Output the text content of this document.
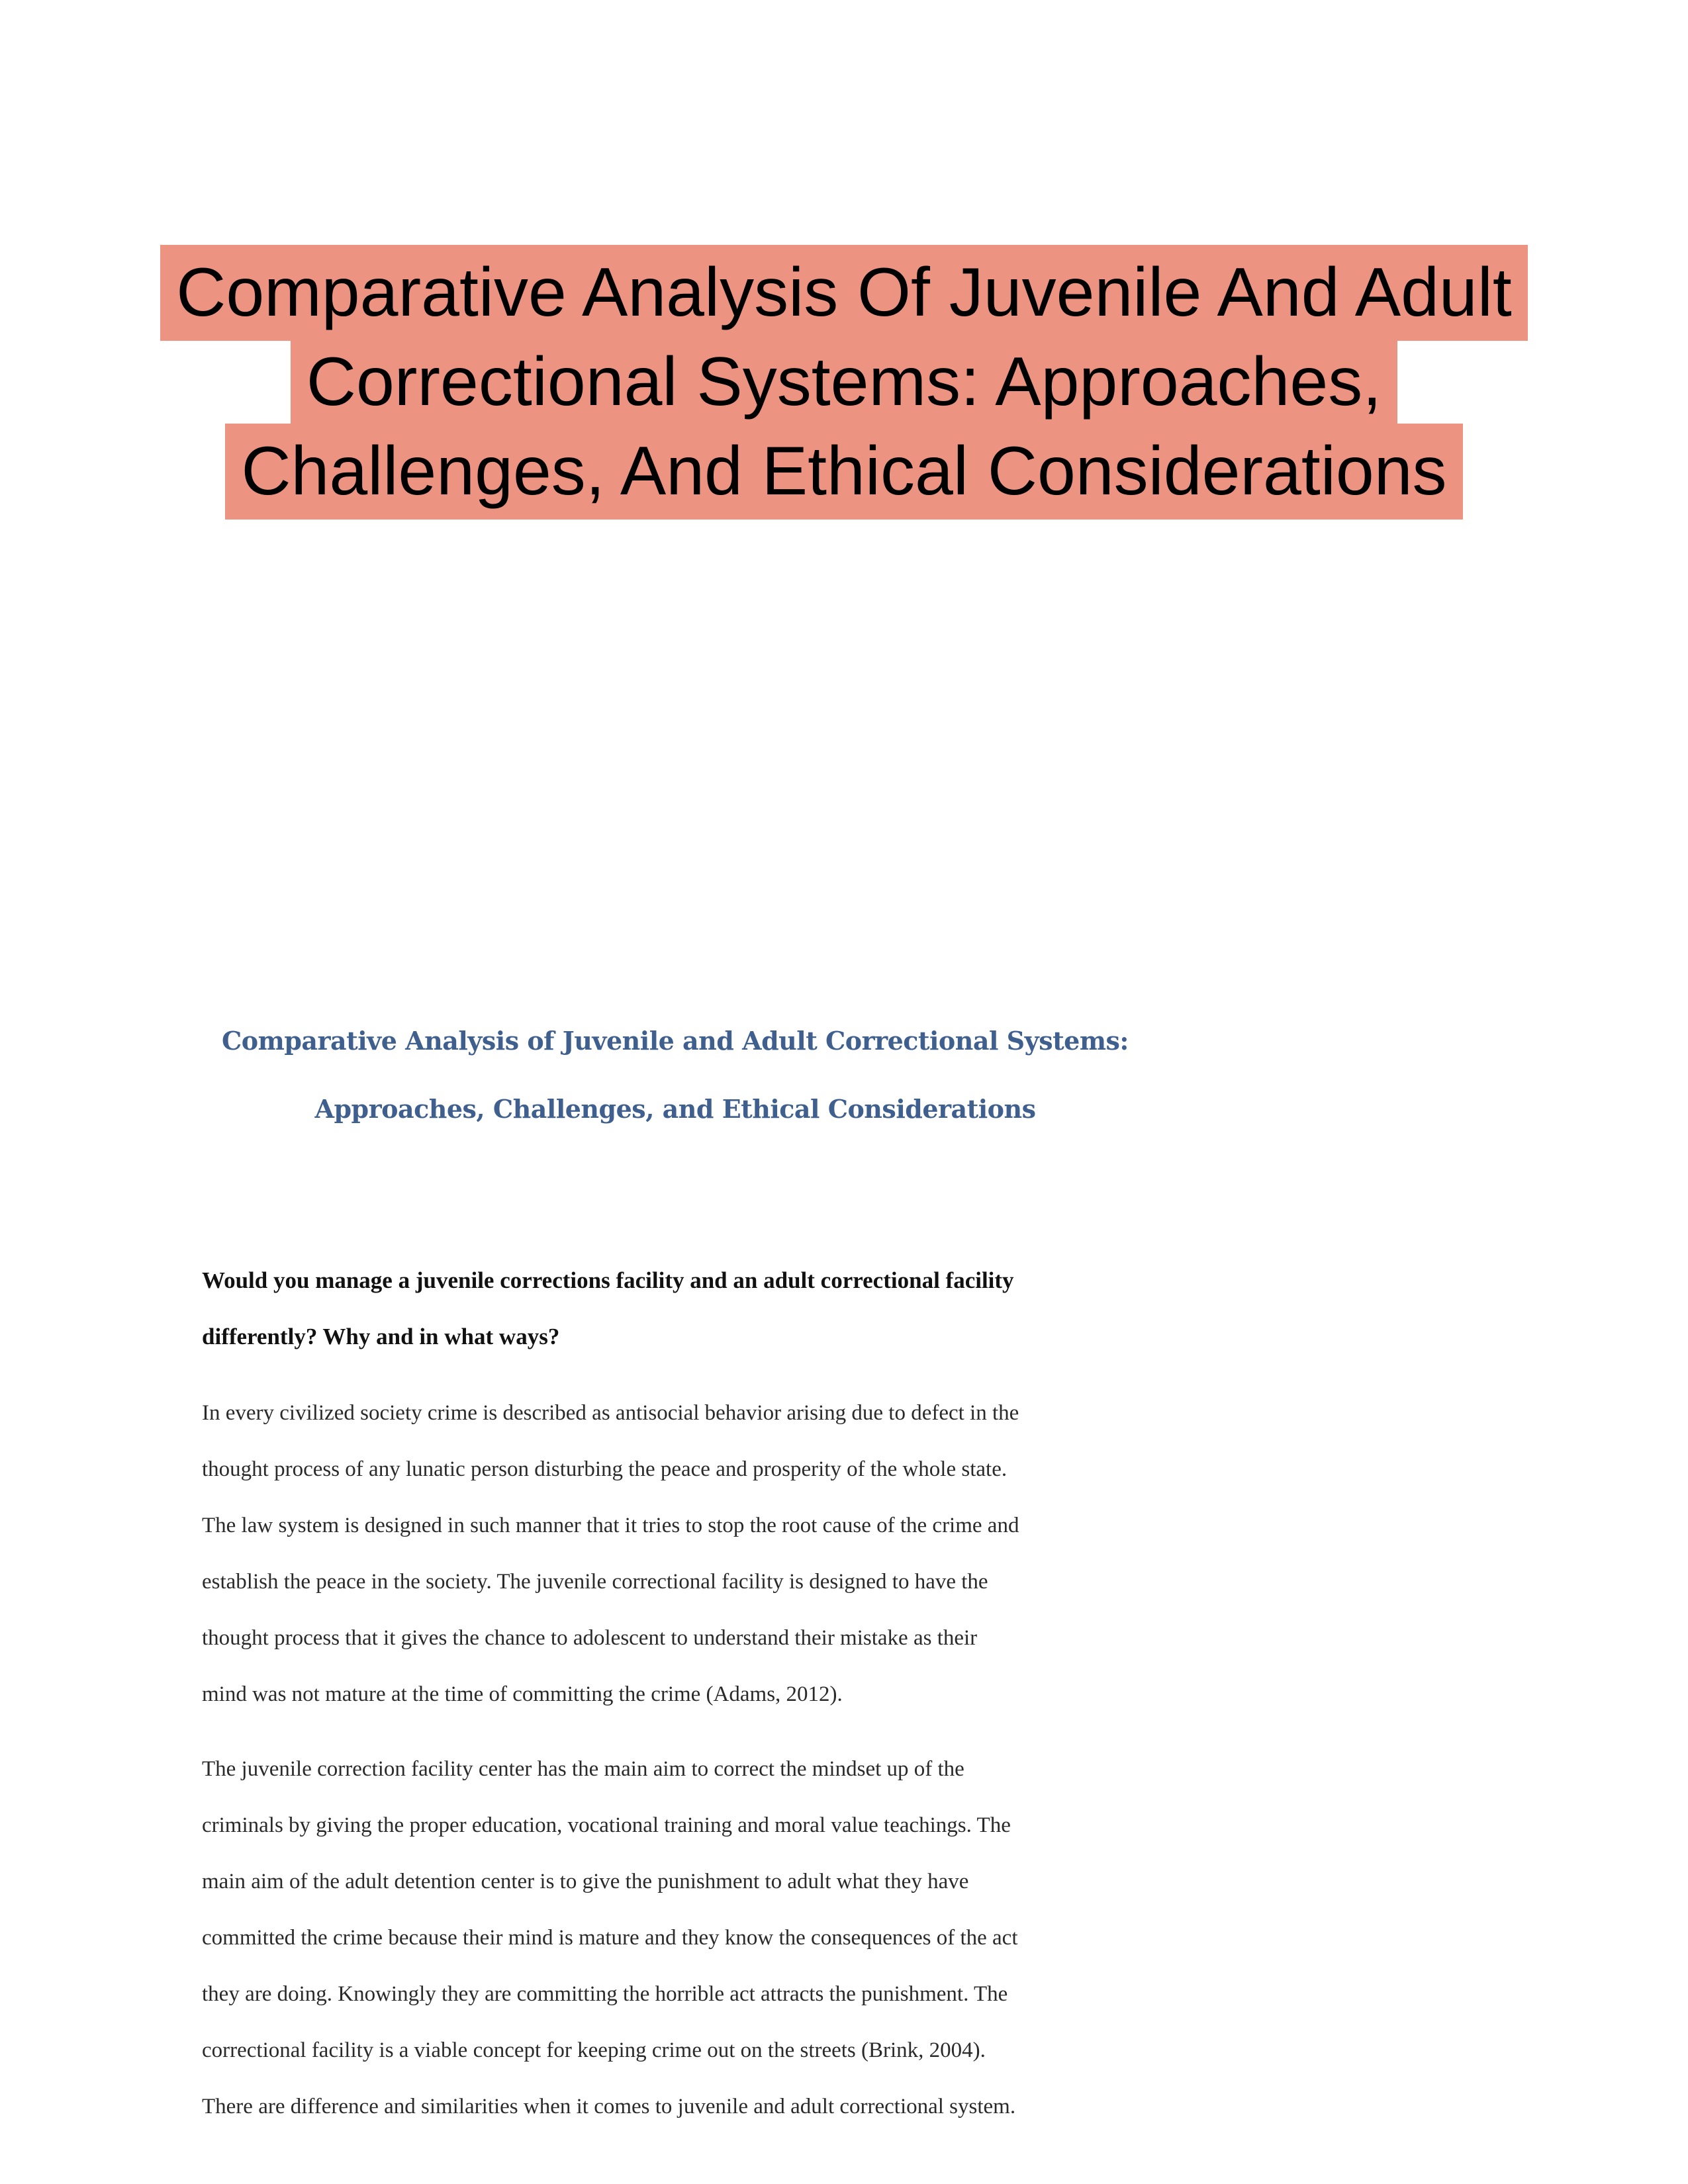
Comparative Analysis Of Juvenile And Adult
Correctional Systems: Approaches,
Challenges, And Ethical Considerations
Comparative Analysis of Juvenile and Adult Correctional Systems:
Approaches, Challenges, and Ethical Considerations
Would you manage a juvenile corrections facility and an adult correctional facility
differently? Why and in what ways?
In every civilized society crime is described as antisocial behavior arising due to defect in the
thought process of any lunatic person disturbing the peace and prosperity of the whole state.
The law system is designed in such manner that it tries to stop the root cause of the crime and
establish the peace in the society. The juvenile correctional facility is designed to have the
thought process that it gives the chance to adolescent to understand their mistake as their
mind was not mature at the time of committing the crime (Adams, 2012).
The juvenile correction facility center has the main aim to correct the mindset up of the
criminals by giving the proper education, vocational training and moral value teachings. The
main aim of the adult detention center is to give the punishment to adult what they have
committed the crime because their mind is mature and they know the consequences of the act
they are doing. Knowingly they are committing the horrible act attracts the punishment. The
correctional facility is a viable concept for keeping crime out on the streets (Brink, 2004).
There are difference and similarities when it comes to juvenile and adult correctional system.
